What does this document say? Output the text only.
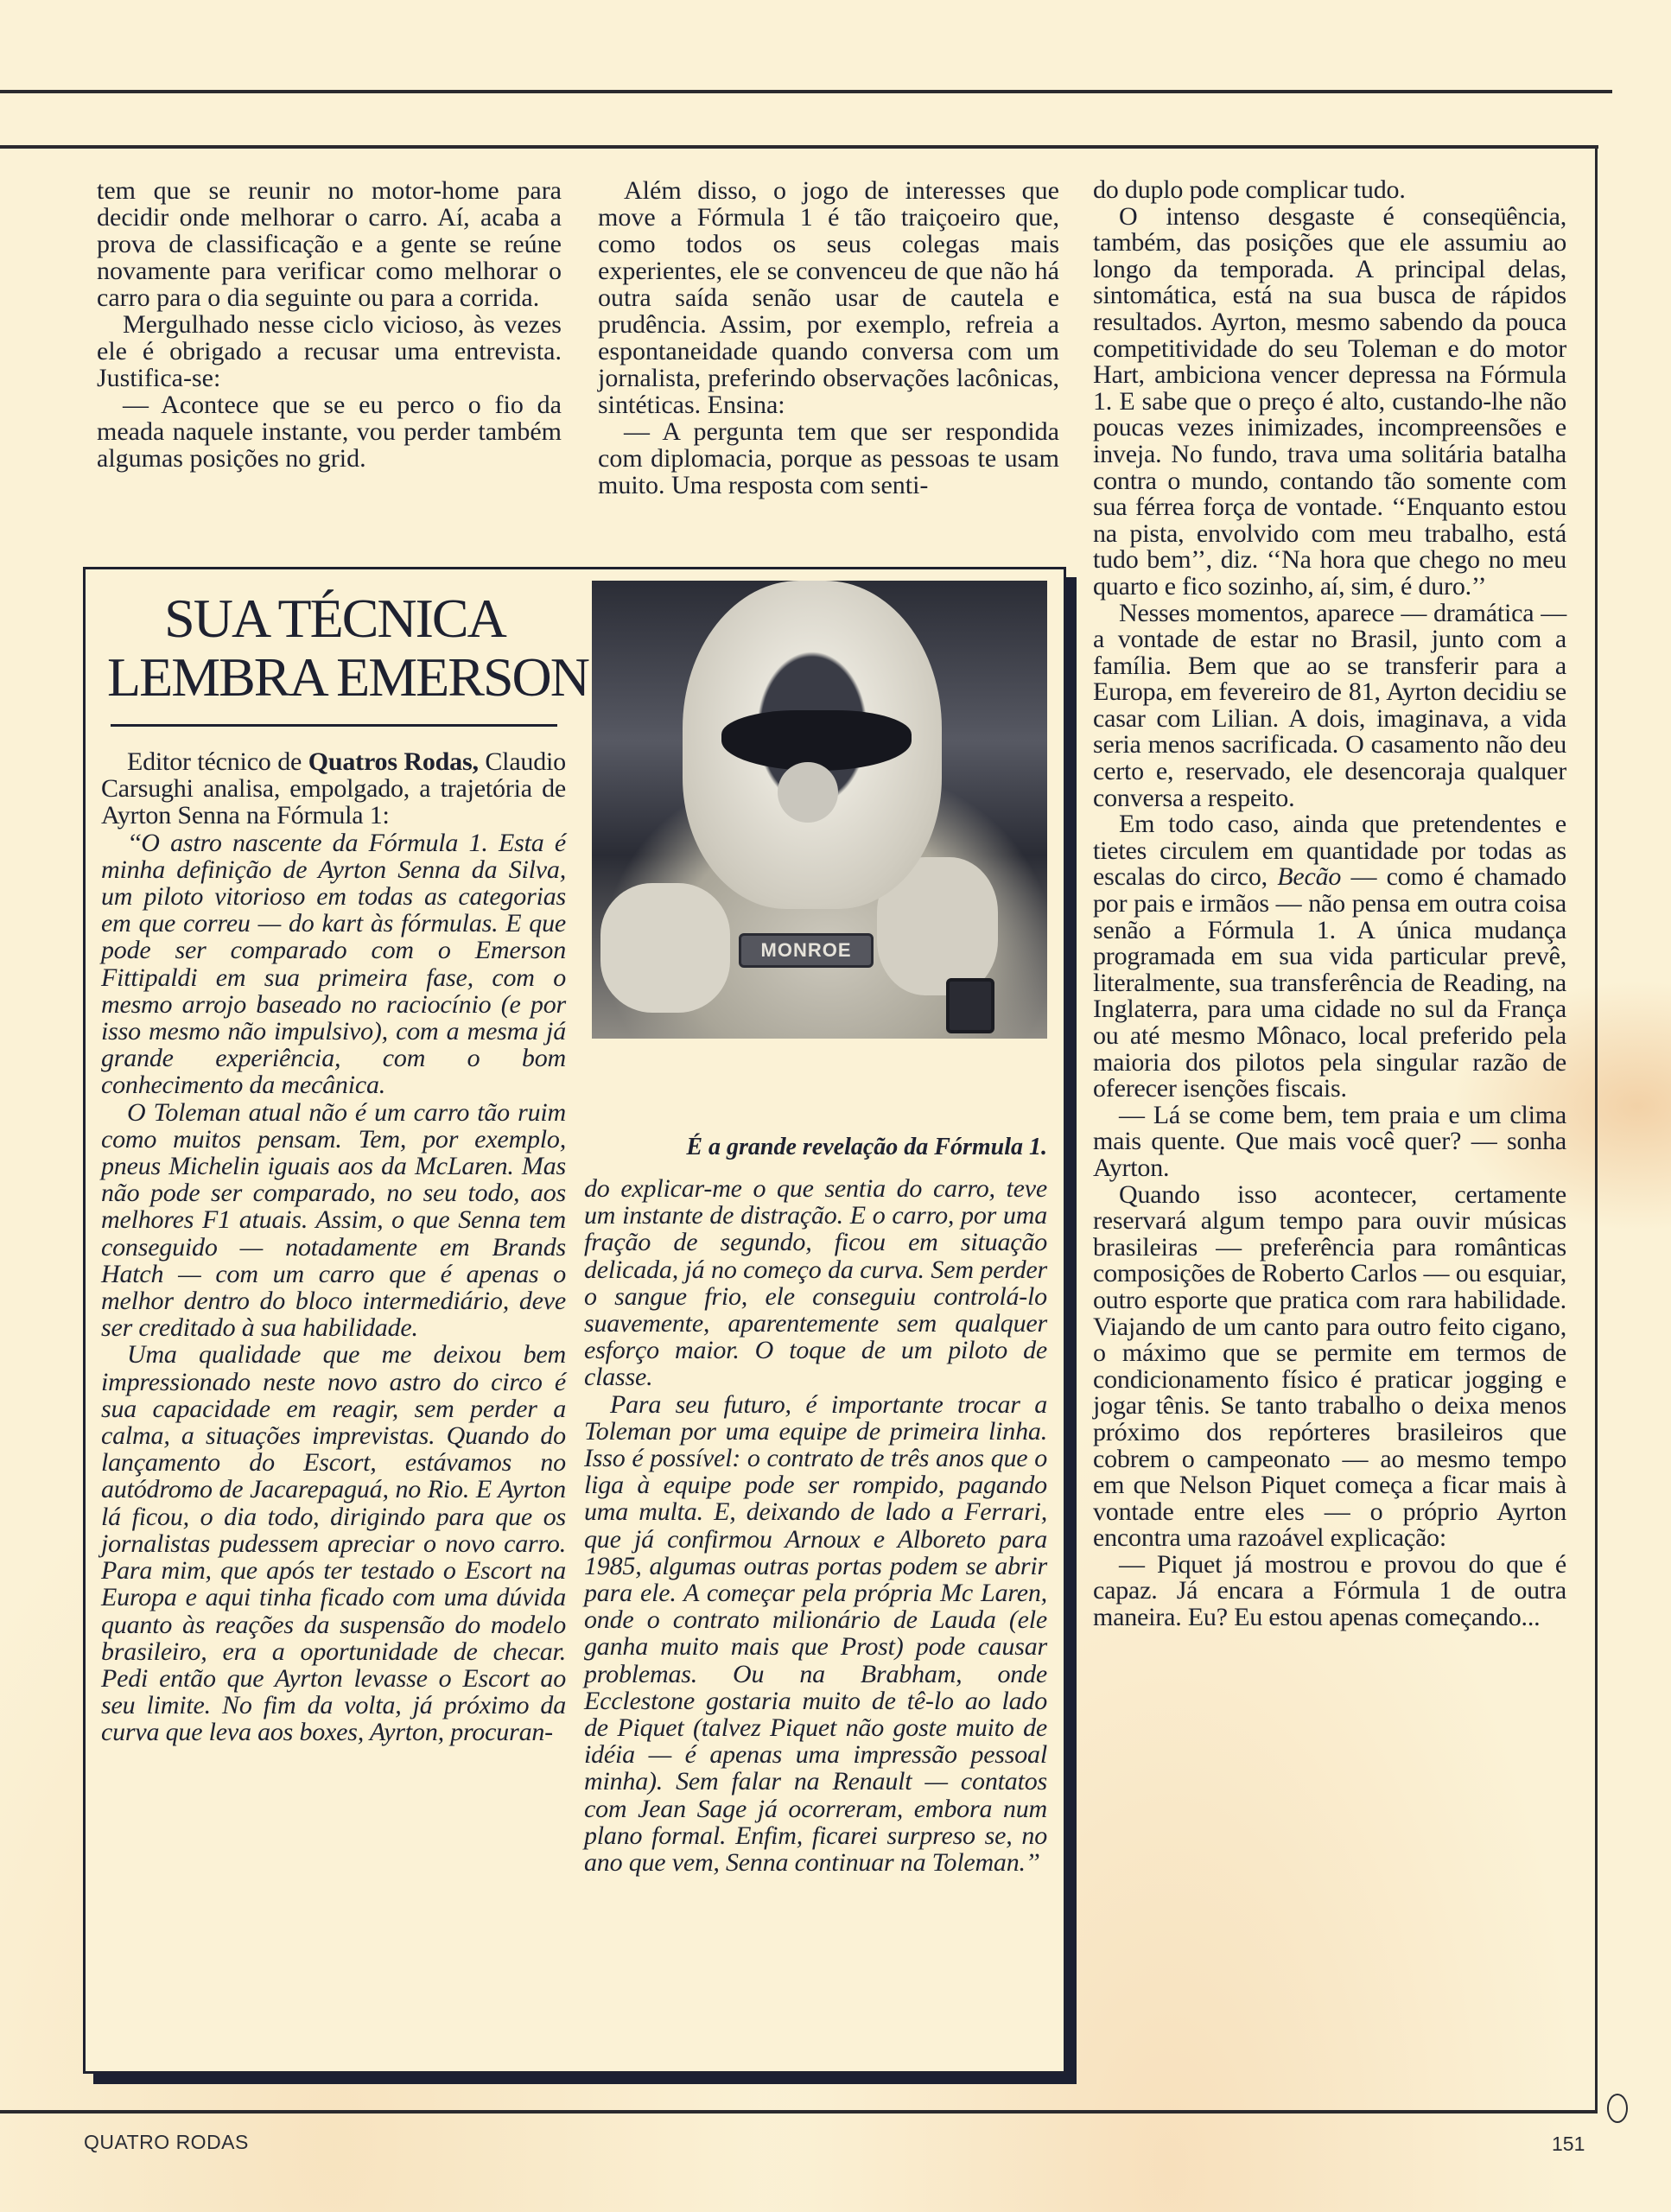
tem que se reunir no motor-home para decidir onde melhorar o carro. Aí, acaba a prova de classificação e a gente se reúne novamente para verificar como melhorar o carro para o dia seguinte ou para a corrida.

Mergulhado nesse ciclo vicioso, às vezes ele é obrigado a recusar uma entrevista. Justifica-se:

— Acontece que se eu perco o fio da meada naquele instante, vou perder também algumas posições no grid.

Além disso, o jogo de interesses que move a Fórmula 1 é tão traiçoeiro que, como todos os seus colegas mais experientes, ele se convenceu de que não há outra saída senão usar de cautela e prudência. Assim, por exemplo, refreia a espontaneidade quando conversa com um jornalista, preferindo observações lacônicas, sintéticas. Ensina:

— A pergunta tem que ser respondida com diplomacia, porque as pessoas te usam muito. Uma resposta com senti-

do duplo pode complicar tudo.

O intenso desgaste é conseqüência, também, das posições que ele assumiu ao longo da temporada. A principal delas, sintomática, está na sua busca de rápidos resultados. Ayrton, mesmo sabendo da pouca competitividade do seu Toleman e do motor Hart, ambiciona vencer depressa na Fórmula 1. E sabe que o preço é alto, custando-lhe não poucas vezes inimizades, incompreensões e inveja. No fundo, trava uma solitária batalha contra o mundo, contando tão somente com sua férrea força de vontade. ‘‘Enquanto estou na pista, envolvido com meu trabalho, está tudo bem’’, diz. ‘‘Na hora que chego no meu quarto e fico sozinho, aí, sim, é duro.’’

Nesses momentos, aparece — dramática — a vontade de estar no Brasil, junto com a família. Bem que ao se transferir para a Europa, em fevereiro de 81, Ayrton decidiu se casar com Lilian. A dois, imaginava, a vida seria menos sacrificada. O casamento não deu certo e, reservado, ele desencoraja qualquer conversa a respeito.

Em todo caso, ainda que pretendentes e tietes circulem em quantidade por todas as escalas do circo, Becão — como é chamado por pais e irmãos — não pensa em outra coisa senão a Fórmula 1. A única mudança programada em sua vida particular prevê, literalmente, sua transferência de Reading, na Inglaterra, para uma cidade no sul da França ou até mesmo Mônaco, local preferido pela maioria dos pilotos pela singular razão de oferecer isenções fiscais.

— Lá se come bem, tem praia e um clima mais quente. Que mais você quer? — sonha Ayrton.

Quando isso acontecer, certamente reservará algum tempo para ouvir músicas brasileiras — preferência para românticas composições de Roberto Carlos — ou esquiar, outro esporte que pratica com rara habilidade. Viajando de um canto para outro feito cigano, o máximo que se permite em termos de condicionamento físico é praticar jogging e jogar tênis. Se tanto trabalho o deixa menos próximo dos repórteres brasileiros que cobrem o campeonato — ao mesmo tempo em que Nelson Piquet começa a ficar mais à vontade entre eles — o próprio Ayrton encontra uma razoável explicação:

— Piquet já mostrou e provou do que é capaz. Já encara a Fórmula 1 de outra maneira. Eu? Eu estou apenas começando...

SUA TÉCNICA
LEMBRA EMERSON

Editor técnico de Quatros Rodas, Claudio Carsughi analisa, empolgado, a trajetória de Ayrton Senna na Fórmula 1:

‘‘O astro nascente da Fórmula 1. Esta é minha definição de Ayrton Senna da Silva, um piloto vitorioso em todas as categorias em que correu — do kart às fórmulas. E que pode ser comparado com o Emerson Fittipaldi em sua primeira fase, com o mesmo arrojo baseado no raciocínio (e por isso mesmo não impulsivo), com a mesma já grande experiência, com o bom conhecimento da mecânica.

O Toleman atual não é um carro tão ruim como muitos pensam. Tem, por exemplo, pneus Michelin iguais aos da McLaren. Mas não pode ser comparado, no seu todo, aos melhores F1 atuais. Assim, o que Senna tem conseguido — notadamente em Brands Hatch — com um carro que é apenas o melhor dentro do bloco intermediário, deve ser creditado à sua habilidade.

Uma qualidade que me deixou bem impressionado neste novo astro do circo é sua capacidade em reagir, sem perder a calma, a situações imprevistas. Quando do lançamento do Escort, estávamos no autódromo de Jacarepaguá, no Rio. E Ayrton lá ficou, o dia todo, dirigindo para que os jornalistas pudessem apreciar o novo carro. Para mim, que após ter testado o Escort na Europa e aqui tinha ficado com uma dúvida quanto às reações da suspensão do modelo brasileiro, era a oportunidade de checar. Pedi então que Ayrton levasse o Escort ao seu limite. No fim da volta, já próximo da curva que leva aos boxes, Ayrton, procuran-

MONROE
É a grande revelação da Fórmula 1.

do explicar-me o que sentia do carro, teve um instante de distração. E o carro, por uma fração de segundo, ficou em situação delicada, já no começo da curva. Sem perder o sangue frio, ele conseguiu controlá-lo suavemente, aparentemente sem qualquer esforço maior. O toque de um piloto de classe.

Para seu futuro, é importante trocar a Toleman por uma equipe de primeira linha. Isso é possível: o contrato de três anos que o liga à equipe pode ser rompido, pagando uma multa. E, deixando de lado a Ferrari, que já confirmou Arnoux e Alboreto para 1985, algumas outras portas podem se abrir para ele. A começar pela própria Mc Laren, onde o contrato milionário de Lauda (ele ganha muito mais que Prost) pode causar problemas. Ou na Brabham, onde Ecclestone gostaria muito de tê-lo ao lado de Piquet (talvez Piquet não goste muito de idéia — é apenas uma impressão pessoal minha). Sem falar na Renault — contatos com Jean Sage já ocorreram, embora num plano formal. Enfim, ficarei surpreso se, no ano que vem, Senna continuar na Toleman.’’

QUATRO RODAS	151
